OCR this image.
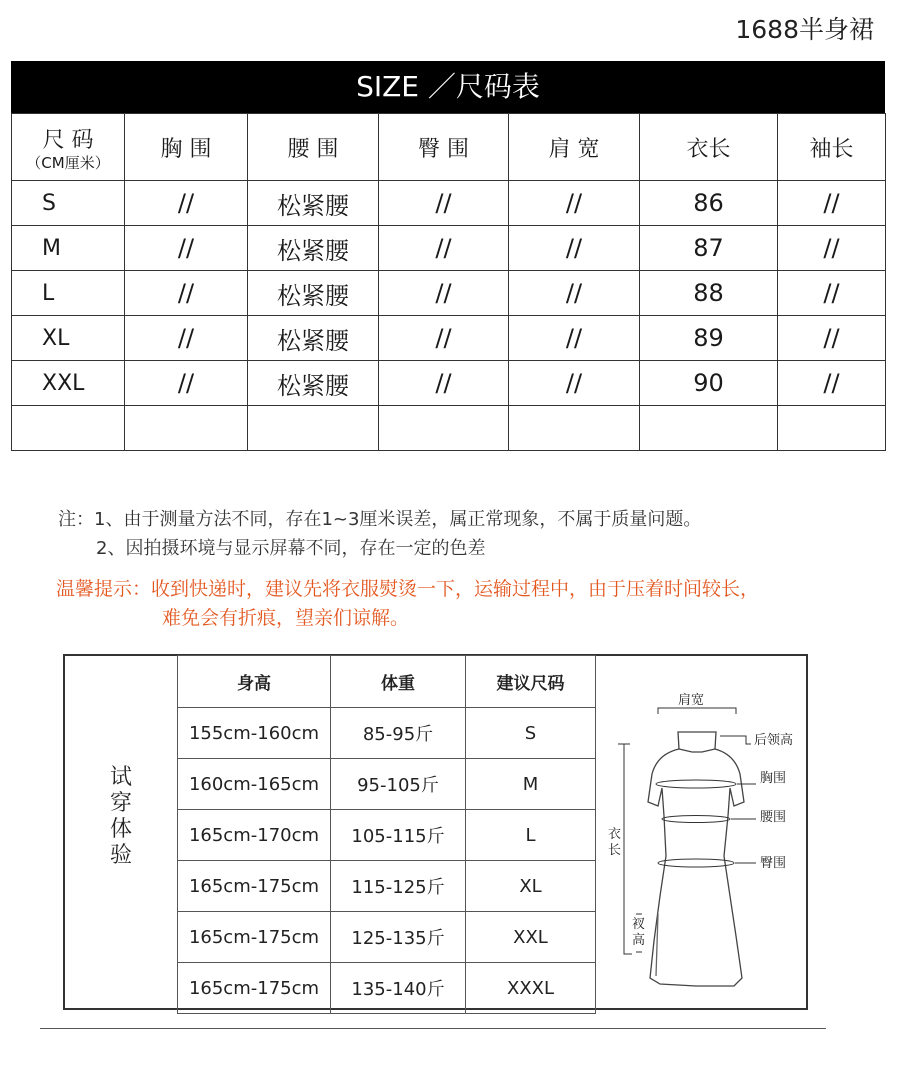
1688半身裙
SIZE ／尺码表
尺 码
（CM厘米）	胸 围	腰 围	臀 围	肩 宽	衣长	袖长
S	//	松紧腰	//	//	86	//
M	//	松紧腰	//	//	87	//
L	//	松紧腰	//	//	88	//
XL	//	松紧腰	//	//	89	//
XXL	//	松紧腰	//	//	90	//

注：1、由于测量方法不同，存在1~3厘米误差，属正常现象，不属于质量问题。
2、因拍摄环境与显示屏幕不同，存在一定的色差
温馨提示：收到快递时，建议先将衣服熨烫一下，运输过程中，由于压着时间较长，
难免会有折痕，望亲们谅解。
试
穿
体
验
身高	体重	建议尺码
155cm-160cm	85-95斤	S
160cm-165cm	95-105斤	M
165cm-170cm	105-115斤	L
165cm-175cm	115-125斤	XL
165cm-175cm	125-135斤	XXL
165cm-175cm	135-140斤	XXXL
肩宽
后领高
胸围
腰围
臀围
衣
长
衩
高
